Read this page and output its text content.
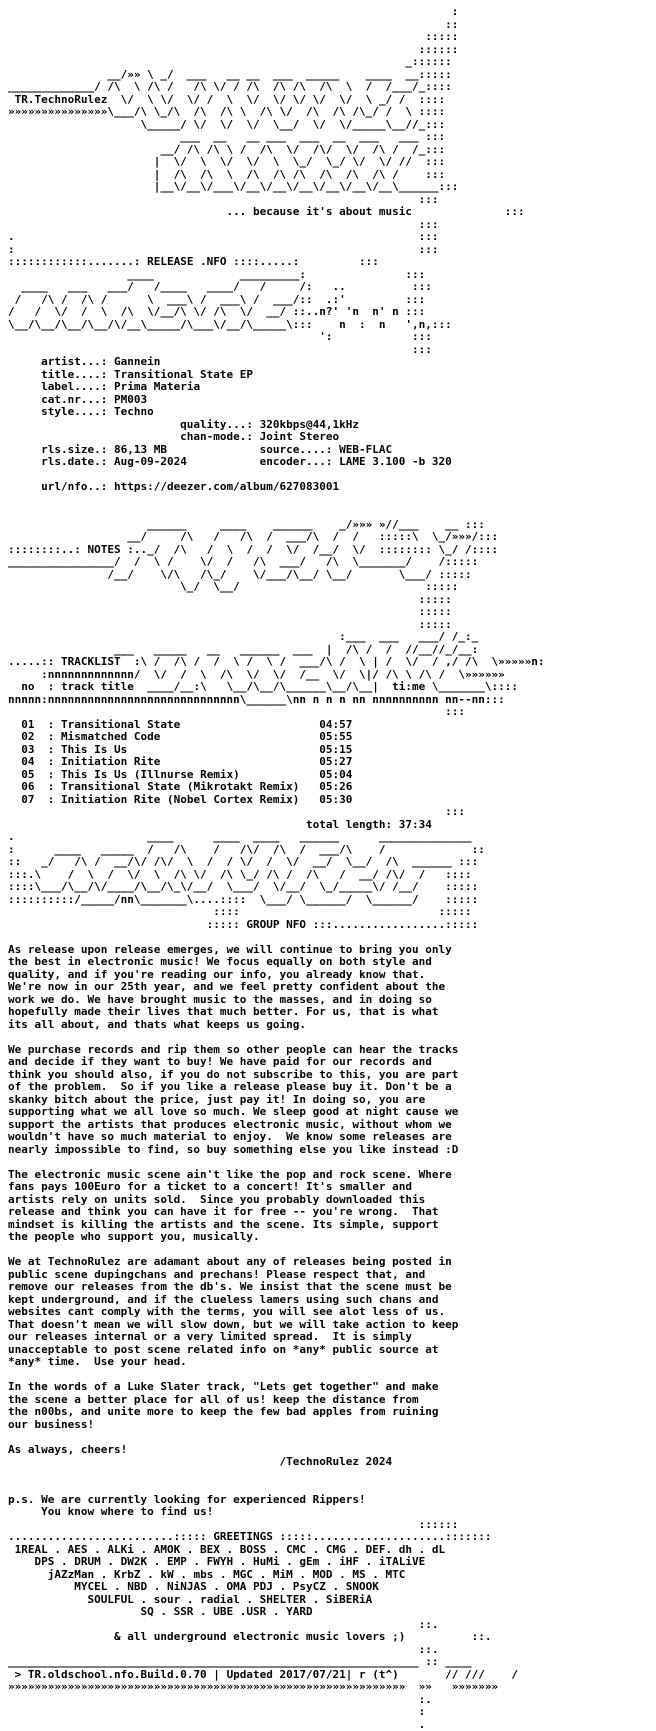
:
::
:::::
::::::
_::::::
__/»» \ _/  ___   __ __  ___  _____    ____  __:::::
_____________/ /\  \ /\ /   /\ \/ / /\  /\ /\  /\  \  /  /___/_::::
TR.TechnoRulez  \/  \ \/  \/ /  \  \/  \/ \/ \/  \/  \ _/ /  ::::
»»»»»»»»»»»»»»»\___/\ \_/\  /\  /\ \  /\ \/  /\  /\ /\_/ /  \ ::::
\_____/ \/  \/  \/  \__/  \/  \/_____\__//_:::
___  __   __ ___  ___  __  ___   ___ :::
__/ /\ /\ \ /  /\  \/  /\/  \/  /\ /  /_:::
|  \/  \  \/  \/  \  \_/  \_/ \/  \/ //  :::
|  /\  /\  \  /\  /\ /\  /\  /\  /\ /    :::
|__\/__\/___\/__\/__\/__\/__\/__\/__\______:::
:::
... because it's about music              :::
:::
.                                                             :::
:                                                             :::
::::::::::::.......: RELEASE .NFO ::::.....:         :::
____             _________:               :::
____   ___   ___/   /____   ____/   /     /:   ..          :::
/   /\ /  /\ /      \  ___\ /  ___\ /  ___/::  .:'         :::
/   /  \/  /  \  /\  \/__/\ \/ /\  \/  __/ ::..n?' 'n  n' n :::
\__/\__/\__/\__/\/__\_____/\___\/__/\_____\:::    n  :  n   ',n,:::
':            :::
:::
artist...: Gannein
title....: Transitional State EP
label....: Prima Materia
cat.nr...: PM003
style....: Techno
quality...: 320kbps@44,1kHz
chan-mode.: Joint Stereo
rls.size.: 86,13 MB              source....: WEB-FLAC
rls.date.: Aug-09-2024           encoder...: LAME 3.100 -b 320

url/nfo..: https://deezer.com/album/627083001

______     ____    ______    _/»»» »//___    __ :::
__/     /\   /   /\  /  ___/\  /  /   :::::\  \_/»»»/:::
::::::::..: NOTES :.._/  /\   /  \  /  /  \/  /__/  \/  :::::::: \_/ /::::
________________/  /  \ /    \/  /   /\  ___/   /\  \_______/    /:::::
/__/    \/\   /\_/    \/___/\__/ \__/       \___/ :::::
\_/  \__/                            :::::
:::::
:::::
:::::
:___  ___   ___/ /_:_
___   _____   __   ______  ___  |  /\ /  /  //__//_/__:
.....:: TRACKLIST  :\ /  /\ /  /  \ /  \ /  ___/\ /  \ | /  \/  / ,/ /\  \»»»»»n:
:nnnnnnnnnnnnn/  \/  /  \  /\  \/  \/  /__  \/  \|/ /\ \ /\ /  \»»»»»»
no  : track title  ____/__:\   \__/\__/\______\__/\__|  ti:me \_______\::::
nnnnn:nnnnnnnnnnnnnnnnnnnnnnnnnnnnn\______\nn n n n nn nnnnnnnnnn nn--nn:::
:::
01  : Transitional State	04:57
02  : Mismatched Code	05:55
03  : This Is Us	05:15
04  : Initiation Rite	05:27
05  : This Is Us (Illnurse Remix)	05:04
06  : Transitional State (Mikrotakt Remix) 05:26
07  : Initiation Rite (Nobel Cortex Remix) 05:30
:::
total length: 37:34
.                    ____      ____  ____   ______      ______________
:      ____   _____  /   /\    /   /\/  /\  /  ___/\    /             ::
::   _/   /\ /  __/\/ /\/  \  /  / \/  /  \/  __/  \__/  /\  ______ :::
:::.\    /  \  /  \/  \  /\ \/  /\ \_/ /\ /  /\   /  __/ /\/  /   ::::
::::\___/\__/\/____/\__/\_\/__/  \___/  \/__/  \_/_____\/ /__/    :::::
::::::::::/_____/nn\_______\....::::  \___/ \______/  \______/    :::::
::::                              :::::
::::: GROUP NFO :::.................:::::

As release upon release emerges, we will continue to bring you only
the best in electronic music! We focus equally on both style and
quality, and if you're reading our info, you already know that.
We're now in our 25th year, and we feel pretty confident about the
work we do. We have brought music to the masses, and in doing so
hopefully made their lives that much better. For us, that is what
its all about, and thats what keeps us going.

We purchase records and rip them so other people can hear the tracks
and decide if they want to buy! We have paid for our records and
think you should also, if you do not subscribe to this, you are part
of the problem.  So if you like a release please buy it. Don't be a
skanky bitch about the price, just pay it! In doing so, you are
supporting what we all love so much. We sleep good at night cause we
support the artists that produces electronic music, without whom we
wouldn't have so much material to enjoy.  We know some releases are
nearly impossible to find, so buy something else you like instead :D

The electronic music scene ain't like the pop and rock scene. Where
fans pays 100Euro for a ticket to a concert! It's smaller and
artists rely on units sold.  Since you probably downloaded this
release and think you can have it for free -- you're wrong.  That
mindset is killing the artists and the scene. Its simple, support
the people who support you, musically.

We at TechnoRulez are adamant about any of releases being posted in
public scene dupingchans and prechans! Please respect that, and
remove our releases from the db's. We insist that the scene must be
kept underground, and if the clueless lamers using such chans and
websites cant comply with the terms, you will see alot less of us.
That doesn't mean we will slow down, but we will take action to keep
our releases internal or a very limited spread.  It is simply
unacceptable to post scene related info on *any* public source at
*any* time.  Use your head.

In the words of a Luke Slater track, "Lets get together" and make
the scene a better place for all of us! keep the distance from
the n00bs, and unite more to keep the few bad apples from ruining
our business!

As always, cheers!
/TechnoRulez 2024

p.s. We are currently looking for experienced Rippers!
You know where to find us!
::::::
.........................::::: GREETINGS :::::....................:::::::
1REAL . AES . ALKi . AMOK . BEX . BOSS . CMC . CMG . DEF. dh . dL
DPS . DRUM . DW2K . EMP . FWYH . HuMi . gEm . iHF . iTALiVE
jAZzMan . KrbZ . kW . mbs . MGC . MiM . MOD . MS . MTC
MYCEL . NBD . NiNJAS . OMA PDJ . PsyCZ . SNOOK
SOULFUL . sour . radial . SHELTER . SiBERiA
SQ . SSR . UBE .USR . YARD
::.
& all underground electronic music lovers ;)          ::.
::.
______________________________________________________________ :: ____
> TR.oldschool.nfo.Build.0.70 | Updated 2017/07/21| r (t^)       // ///    /
»»»»»»»»»»»»»»»»»»»»»»»»»»»»»»»»»»»»»»»»»»»»»»»»»»»»»»»»»»»»  »»   »»»»»»»
:.
:
.
